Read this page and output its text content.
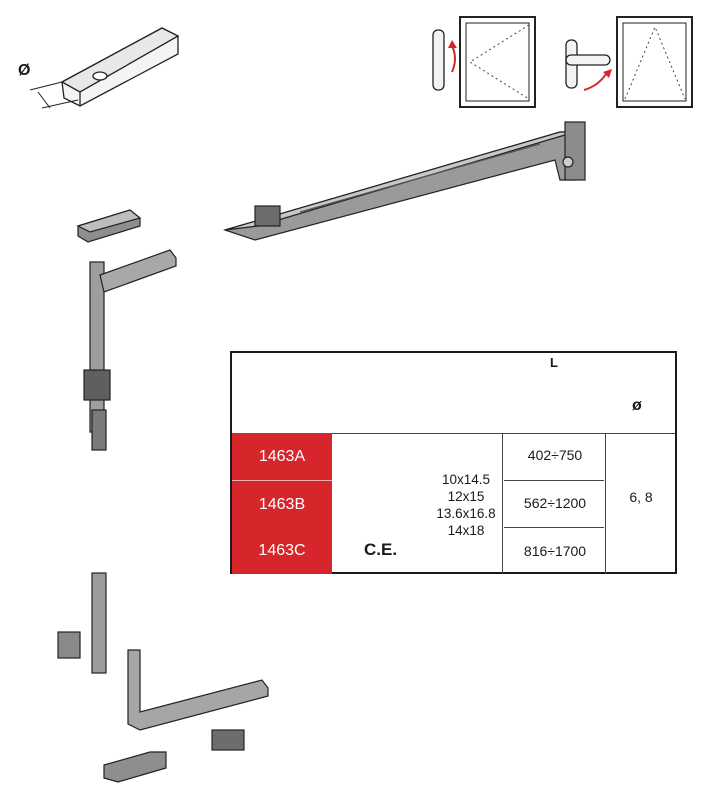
Ø
L
ø
1463A
1463B
1463C
10x14.5
12x15
13.6x16.8
14x18
C.E.
402÷750
562÷1200
816÷1700
6, 8
